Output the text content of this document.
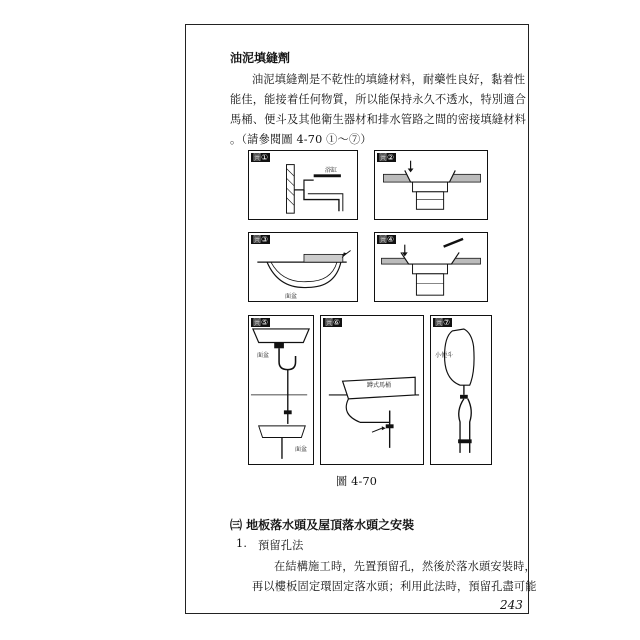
油泥填縫劑
油泥填縫劑是不乾性的填縫材料，耐藥性良好，黏着性
能佳，能接着任何物質，所以能保持永久不透水，特別適合
馬桶、便斗及其他衛生器材和排水管路之間的密接填縫材料
。（請參閱圖 4-70 ①～⑦）
圖①
浴缸
圖②
圖③
面盆
圖④
圖⑤
面盆
面盆
圖⑥
蹲式馬桶
圖⑦
小便斗
圖 4-70
㈢ 地板落水頭及屋頂落水頭之安裝
1. 預留孔法
在結構施工時，先置預留孔，然後於落水頭安裝時，
再以樓板固定環固定落水頭；利用此法時，預留孔盡可能
243
